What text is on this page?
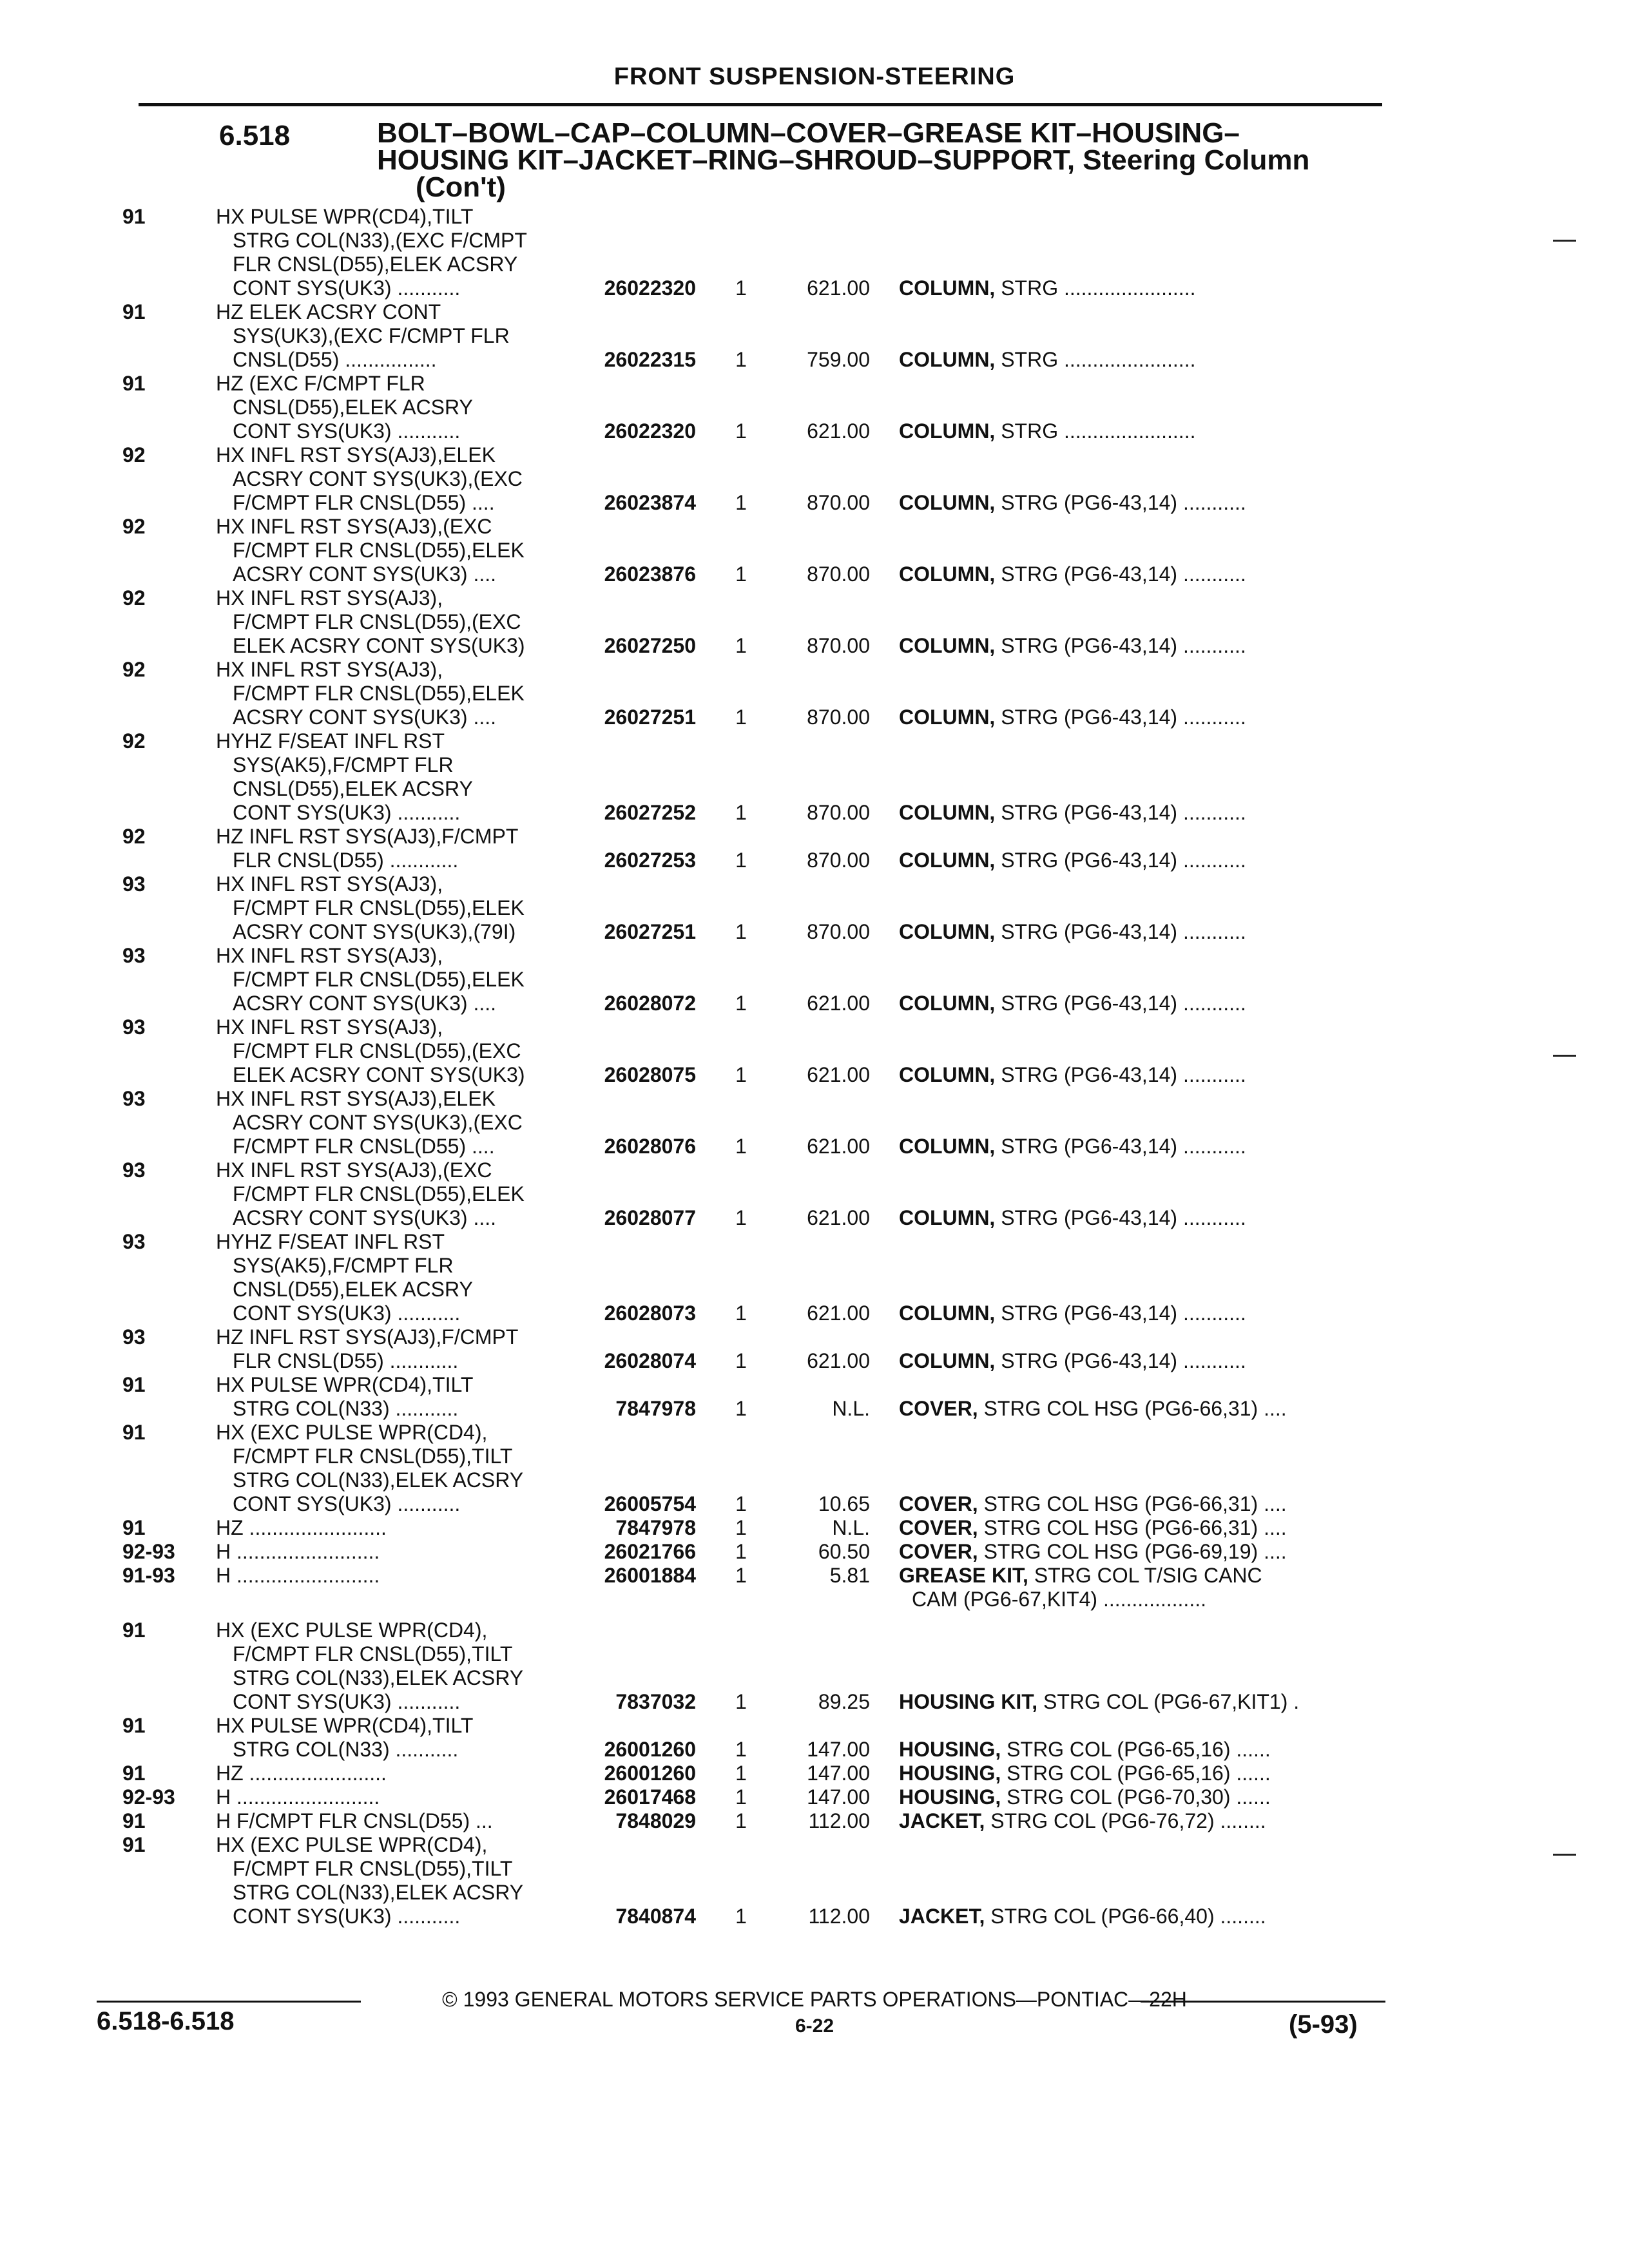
FRONT SUSPENSION-STEERING
6.518	BOLT–BOWL–CAP–COLUMN–COVER–GREASE KIT–HOUSING–
HOUSING KIT–JACKET–RING–SHROUD–SUPPORT, Steering Column
(Con't)
91	HX PULSE WPR(CD4),TILT
STRG COL(N33),(EXC F/CMPT
FLR CNSL(D55),ELEK ACSRY
CONT SYS(UK3) ...........	26022320	1	621.00 COLUMN, STRG .......................
91	HZ ELEK ACSRY CONT
SYS(UK3),(EXC F/CMPT FLR
CNSL(D55) ................	26022315	1	759.00 COLUMN, STRG .......................
91	HZ (EXC F/CMPT FLR
CNSL(D55),ELEK ACSRY
CONT SYS(UK3) ...........	26022320	1	621.00 COLUMN, STRG .......................
92	HX INFL RST SYS(AJ3),ELEK
ACSRY CONT SYS(UK3),(EXC
F/CMPT FLR CNSL(D55) ....	26023874	1	870.00 COLUMN, STRG (PG6-43,14) ...........
92	HX INFL RST SYS(AJ3),(EXC
F/CMPT FLR CNSL(D55),ELEK
ACSRY CONT SYS(UK3) ....	26023876	1	870.00 COLUMN, STRG (PG6-43,14) ...........
92	HX INFL RST SYS(AJ3),
F/CMPT FLR CNSL(D55),(EXC
ELEK ACSRY CONT SYS(UK3)	26027250	1	870.00 COLUMN, STRG (PG6-43,14) ...........
92	HX INFL RST SYS(AJ3),
F/CMPT FLR CNSL(D55),ELEK
ACSRY CONT SYS(UK3) ....	26027251	1	870.00 COLUMN, STRG (PG6-43,14) ...........
92	HYHZ F/SEAT INFL RST
SYS(AK5),F/CMPT FLR
CNSL(D55),ELEK ACSRY
CONT SYS(UK3) ...........	26027252	1	870.00 COLUMN, STRG (PG6-43,14) ...........
92	HZ INFL RST SYS(AJ3),F/CMPT
FLR CNSL(D55) ............	26027253	1	870.00 COLUMN, STRG (PG6-43,14) ...........
93	HX INFL RST SYS(AJ3),
F/CMPT FLR CNSL(D55),ELEK
ACSRY CONT SYS(UK3),(79I)	26027251	1	870.00 COLUMN, STRG (PG6-43,14) ...........
93	HX INFL RST SYS(AJ3),
F/CMPT FLR CNSL(D55),ELEK
ACSRY CONT SYS(UK3) ....	26028072	1	621.00 COLUMN, STRG (PG6-43,14) ...........
93	HX INFL RST SYS(AJ3),
F/CMPT FLR CNSL(D55),(EXC
ELEK ACSRY CONT SYS(UK3)	26028075	1	621.00 COLUMN, STRG (PG6-43,14) ...........
93	HX INFL RST SYS(AJ3),ELEK
ACSRY CONT SYS(UK3),(EXC
F/CMPT FLR CNSL(D55) ....	26028076	1	621.00 COLUMN, STRG (PG6-43,14) ...........
93	HX INFL RST SYS(AJ3),(EXC
F/CMPT FLR CNSL(D55),ELEK
ACSRY CONT SYS(UK3) ....	26028077	1	621.00 COLUMN, STRG (PG6-43,14) ...........
93	HYHZ F/SEAT INFL RST
SYS(AK5),F/CMPT FLR
CNSL(D55),ELEK ACSRY
CONT SYS(UK3) ...........	26028073	1	621.00 COLUMN, STRG (PG6-43,14) ...........
93	HZ INFL RST SYS(AJ3),F/CMPT
FLR CNSL(D55) ............	26028074	1	621.00 COLUMN, STRG (PG6-43,14) ...........
91	HX PULSE WPR(CD4),TILT
STRG COL(N33) ...........	7847978	1	N.L. COVER, STRG COL HSG (PG6-66,31) ....
91	HX (EXC PULSE WPR(CD4),
F/CMPT FLR CNSL(D55),TILT
STRG COL(N33),ELEK ACSRY
CONT SYS(UK3) ...........	26005754	1	10.65 COVER, STRG COL HSG (PG6-66,31) ....
91	HZ ........................	7847978	1	N.L. COVER, STRG COL HSG (PG6-66,31) ....
92-93	H .........................	26021766	1	60.50 COVER, STRG COL HSG (PG6-69,19) ....
91-93	H .........................	26001884	1	5.81 GREASE KIT, STRG COL T/SIG CANC
CAM (PG6-67,KIT4) ..................
91	HX (EXC PULSE WPR(CD4),
F/CMPT FLR CNSL(D55),TILT
STRG COL(N33),ELEK ACSRY
CONT SYS(UK3) ...........	7837032	1	89.25 HOUSING KIT, STRG COL (PG6-67,KIT1) .
91	HX PULSE WPR(CD4),TILT
STRG COL(N33) ...........	26001260	1	147.00 HOUSING, STRG COL (PG6-65,16) ......
91	HZ ........................	26001260	1	147.00 HOUSING, STRG COL (PG6-65,16) ......
92-93	H .........................	26017468	1	147.00 HOUSING, STRG COL (PG6-70,30) ......
91	H F/CMPT FLR CNSL(D55) ...	7848029	1	112.00 JACKET, STRG COL (PG6-76,72) ........
91	HX (EXC PULSE WPR(CD4),
F/CMPT FLR CNSL(D55),TILT
STRG COL(N33),ELEK ACSRY
CONT SYS(UK3) ...........	7840874	1	112.00 JACKET, STRG COL (PG6-66,40) ........
© 1993 GENERAL MOTORS SERVICE PARTS OPERATIONS—PONTIAC—22H
6.518-6.518	6-22	(5-93)
